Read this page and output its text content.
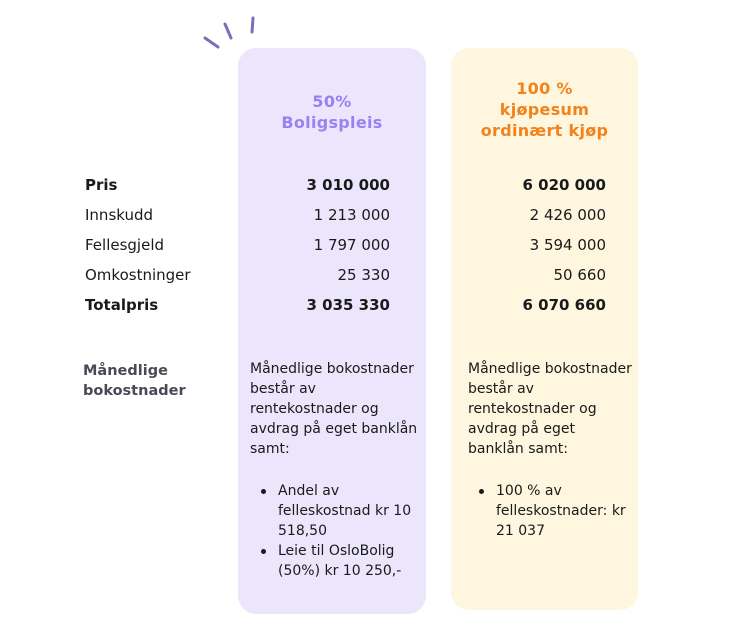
50%
Boligspleis
100 %
kjøpesum
ordinært kjøp
Pris	3 010 000	6 020 000
Innskudd	1 213 000	2 426 000
Fellesgjeld	1 797 000	3 594 000
Omkostninger	25 330	50 660
Totalpris	3 035 330	6 070 660
Månedlige
bokostnader
Månedlige bokostnader består av rentekostnader og avdrag på eget banklån samt:
Andel av felleskostnad kr 10 518,50
Leie til OsloBolig (50%) kr 10 250,-
Månedlige bokostnader består av rentekostnader og avdrag på eget banklån samt:
100 % av felleskostnader: kr 21 037
